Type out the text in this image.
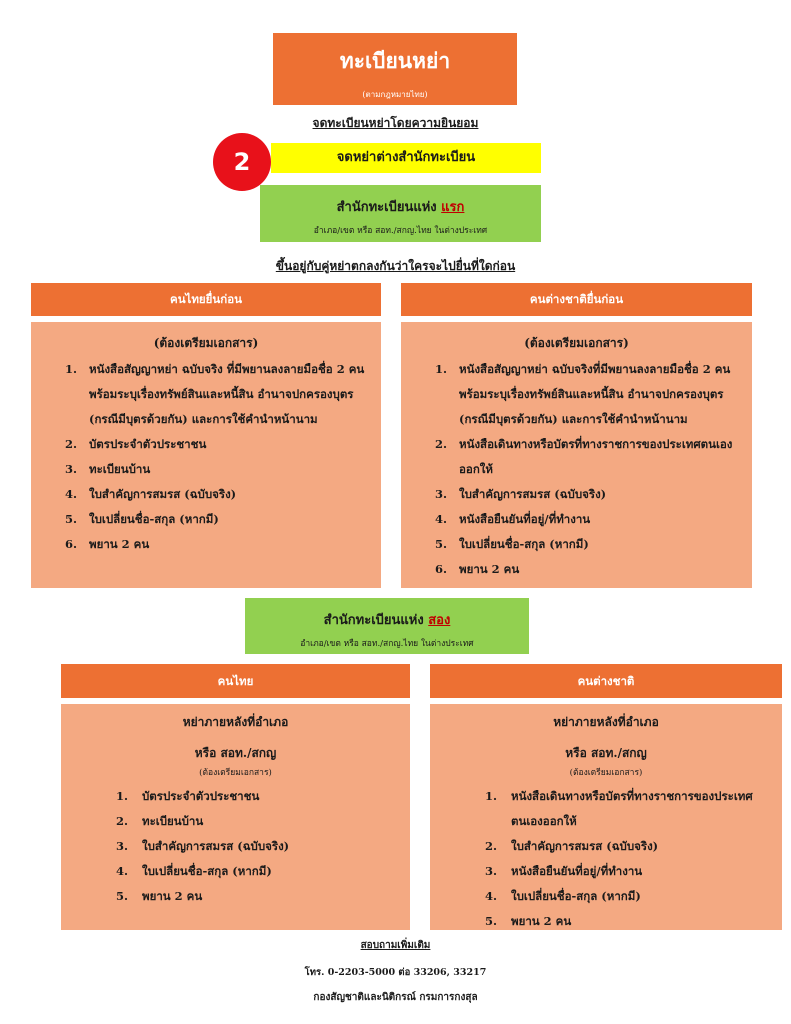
ทะเบียนหย่า
(ตามกฎหมายไทย)
จดทะเบียนหย่าโดยความยินยอม
2	จดหย่าต่างสำนักทะเบียน
สำนักทะเบียนแห่ง แรก
อำเภอ/เขต หรือ สอท./สกญ.ไทย ในต่างประเทศ
ขึ้นอยู่กับคู่หย่าตกลงกันว่าใครจะไปยื่นที่ใดก่อน
คนไทยยื่นก่อน	คนต่างชาติยื่นก่อน
(ต้องเตรียมเอกสาร)
1.	หนังสือสัญญาหย่า ฉบับจริง ที่มีพยานลงลายมือชื่อ 2 คน พร้อมระบุเรื่องทรัพย์สินและหนี้สิน อำนาจปกครองบุตร (กรณีมีบุตรด้วยกัน) และการใช้คำนำหน้านาม
2.	บัตรประจำตัวประชาชน
3.	ทะเบียนบ้าน
4.	ใบสำคัญการสมรส (ฉบับจริง)
5.	ใบเปลี่ยนชื่อ-สกุล (หากมี)
6.	พยาน 2 คน
(ต้องเตรียมเอกสาร)
1.	หนังสือสัญญาหย่า ฉบับจริงที่มีพยานลงลายมือชื่อ 2 คน พร้อมระบุเรื่องทรัพย์สินและหนี้สิน อำนาจปกครองบุตร (กรณีมีบุตรด้วยกัน) และการใช้คำนำหน้านาม
2.	หนังสือเดินทางหรือบัตรที่ทางราชการของประเทศตนเองออกให้
3.	ใบสำคัญการสมรส (ฉบับจริง)
4.	หนังสือยืนยันที่อยู่/ที่ทำงาน
5.	ใบเปลี่ยนชื่อ-สกุล (หากมี)
6.	พยาน 2 คน
สำนักทะเบียนแห่ง สอง
อำเภอ/เขต หรือ สอท./สกญ.ไทย ในต่างประเทศ
คนไทย	คนต่างชาติ
หย่าภายหลังที่อำเภอ
หรือ สอท./สกญ
(ต้องเตรียมเอกสาร)
1.	บัตรประจำตัวประชาชน
2.	ทะเบียนบ้าน
3.	ใบสำคัญการสมรส (ฉบับจริง)
4.	ใบเปลี่ยนชื่อ-สกุล (หากมี)
5.	พยาน 2 คน
หย่าภายหลังที่อำเภอ
หรือ สอท./สกญ
(ต้องเตรียมเอกสาร)
1.	หนังสือเดินทางหรือบัตรที่ทางราชการของประเทศตนเองออกให้
2.	ใบสำคัญการสมรส (ฉบับจริง)
3.	หนังสือยืนยันที่อยู่/ที่ทำงาน
4.	ใบเปลี่ยนชื่อ-สกุล (หากมี)
5.	พยาน 2 คน
สอบถามเพิ่มเติม
โทร. 0-2203-5000 ต่อ 33206, 33217
กองสัญชาติและนิติกรณ์ กรมการกงสุล
